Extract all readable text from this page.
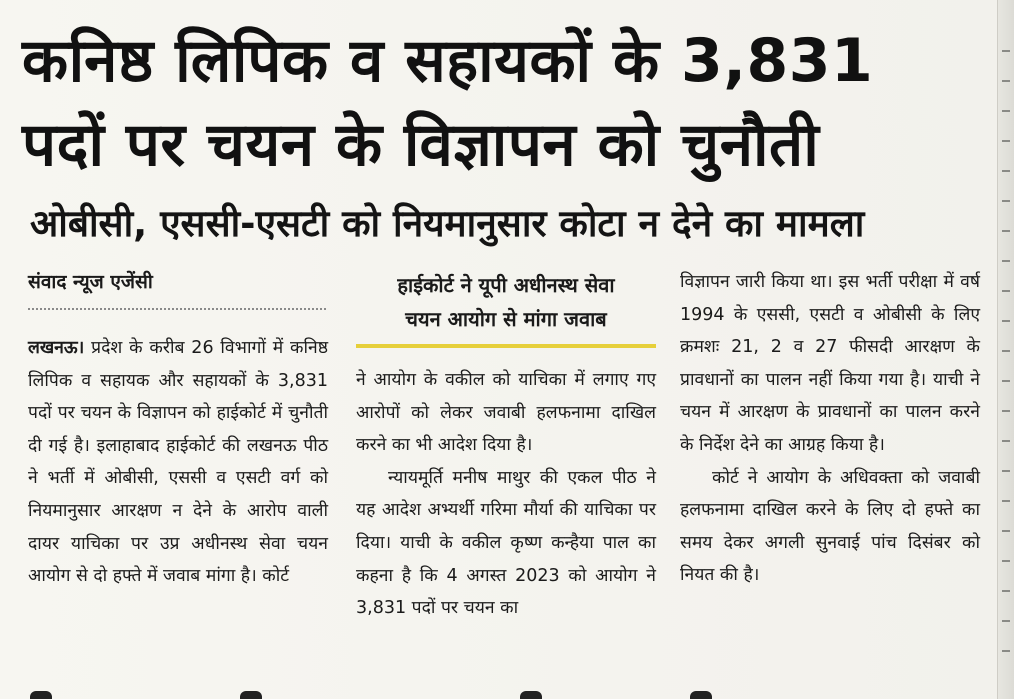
कनिष्ठ लिपिक व सहायकों के 3,831
पदों पर चयन के विज्ञापन को चुनौती
ओबीसी, एससी-एसटी को नियमानुसार कोटा न देने का मामला
संवाद न्यूज एजेंसी	हाईकोर्ट ने यूपी अधीनस्थ सेवा
चयन आयोग से मांगा जवाब

लखनऊ। प्रदेश के करीब 26 विभागों में कनिष्ठ लिपिक व सहायक और सहायकों के 3,831 पदों पर चयन के विज्ञापन को हाईकोर्ट में चुनौती दी गई है। इलाहाबाद हाईकोर्ट की लखनऊ पीठ ने भर्ती में ओबीसी, एससी व एसटी वर्ग को नियमानुसार आरक्षण न देने के आरोप वाली दायर याचिका पर उप्र अधीनस्थ सेवा चयन आयोग से दो हफ्ते में जवाब मांगा है। कोर्ट

ने आयोग के वकील को याचिका में लगाए गए आरोपों को लेकर जवाबी हलफनामा दाखिल करने का भी आदेश दिया है।

न्यायमूर्ति मनीष माथुर की एकल पीठ ने यह आदेश अभ्यर्थी गरिमा मौर्या की याचिका पर दिया। याची के वकील कृष्ण कन्हैया पाल का कहना है कि 4 अगस्त 2023 को आयोग ने 3,831 पदों पर चयन का

विज्ञापन जारी किया था। इस भर्ती परीक्षा में वर्ष 1994 के एससी, एसटी व ओबीसी के लिए क्रमशः 21, 2 व 27 फीसदी आरक्षण के प्रावधानों का पालन नहीं किया गया है। याची ने चयन में आरक्षण के प्रावधानों का पालन करने के निर्देश देने का आग्रह किया है।

कोर्ट ने आयोग के अधिवक्ता को जवाबी हलफनामा दाखिल करने के लिए दो हफ्ते का समय देकर अगली सुनवाई पांच दिसंबर को नियत की है।
